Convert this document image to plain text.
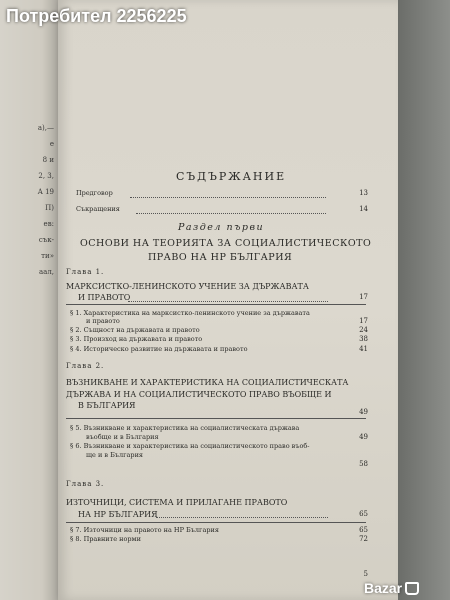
а),—
е
8 и
2, 3,
А 19
П)
ев:
сък-
ти»
аал,
СЪДЪРЖАНИЕ
Предговор	13
Съкращения	14
Раздел първи
ОСНОВИ НА ТЕОРИЯТА ЗА СОЦИАЛИСТИЧЕСКОТО
ПРАВО НА НР БЪЛГАРИЯ
Глава 1.
МАРКСИСТКО-ЛЕНИНСКОТО УЧЕНИЕ ЗА ДЪРЖАВАТА
И ПРАВОТО	17
§ 1. Характеристика на марксистко-ленинското учение за държавата
и правото	17
§ 2. Същност на държавата и правото	24
§ 3. Произход на държавата и правото	38
§ 4. Историческо развитие на държавата и правото	41
Глава 2.
ВЪЗНИКВАНЕ И ХАРАКТЕРИСТИКА НА СОЦИАЛИСТИЧЕСКАТА
ДЪРЖАВА И НА СОЦИАЛИСТИЧЕСКОТО ПРАВО ВЪОБЩЕ И
В БЪЛГАРИЯ
49
§ 5. Възникване и характеристика на социалистическата държава
въобще и в България	49
§ 6. Възникване и характеристика на социалистическото право въоб-
ще и в България
58
Глава 3.
ИЗТОЧНИЦИ, СИСТЕМА И ПРИЛАГАНЕ ПРАВОТО
НА НР БЪЛГАРИЯ	65
§ 7. Източници на правото на НР България	65
§ 8. Правните норми	72
5
Потребител 2256225
Bazar
